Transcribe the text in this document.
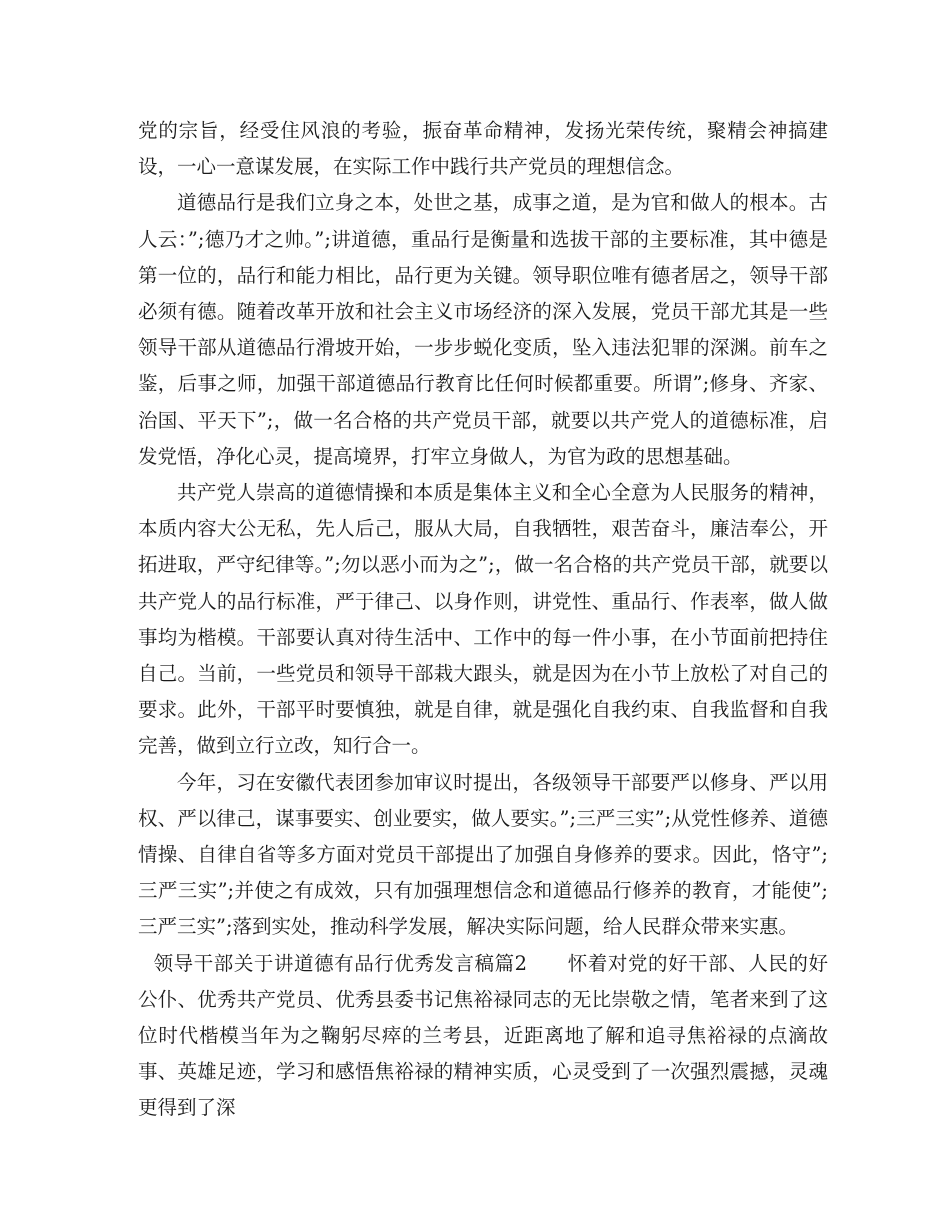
党的宗旨，经受住风浪的考验，振奋革命精神，发扬光荣传统，聚精会神搞建设，一心一意谋发展，在实际工作中践行共产党员的理想信念。

道德品行是我们立身之本，处世之基，成事之道，是为官和做人的根本。古人云：”;德乃才之帅。”;讲道德，重品行是衡量和选拔干部的主要标准，其中德是第一位的，品行和能力相比，品行更为关键。领导职位唯有德者居之，领导干部必须有德。随着改革开放和社会主义市场经济的深入发展，党员干部尤其是一些领导干部从道德品行滑坡开始，一步步蜕化变质，坠入违法犯罪的深渊。前车之鉴，后事之师，加强干部道德品行教育比任何时候都重要。所谓”;修身、齐家、治国、平天下”;，做一名合格的共产党员干部，就要以共产党人的道德标准，启发党悟，净化心灵，提高境界，打牢立身做人，为官为政的思想基础。

共产党人崇高的道德情操和本质是集体主义和全心全意为人民服务的精神，本质内容大公无私，先人后己，服从大局，自我牺牲，艰苦奋斗，廉洁奉公，开拓进取，严守纪律等。”;勿以恶小而为之”;，做一名合格的共产党员干部，就要以共产党人的品行标准，严于律己、以身作则，讲党性、重品行、作表率，做人做事均为楷模。干部要认真对待生活中、工作中的每一件小事，在小节面前把持住自己。当前，一些党员和领导干部栽大跟头，就是因为在小节上放松了对自己的要求。此外，干部平时要慎独，就是自律，就是强化自我约束、自我监督和自我完善，做到立行立改，知行合一。

今年，习在安徽代表团参加审议时提出，各级领导干部要严以修身、严以用权、严以律己，谋事要实、创业要实，做人要实。”;三严三实”;从党性修养、道德情操、自律自省等多方面对党员干部提出了加强自身修养的要求。因此，恪守”;三严三实”;并使之有成效，只有加强理想信念和道德品行修养的教育，才能使”;三严三实”;落到实处，推动科学发展，解决实际问题，给人民群众带来实惠。

领导干部关于讲道德有品行优秀发言稿篇2　　怀着对党的好干部、人民的好公仆、优秀共产党员、优秀县委书记焦裕禄同志的无比崇敬之情，笔者来到了这位时代楷模当年为之鞠躬尽瘁的兰考县，近距离地了解和追寻焦裕禄的点滴故事、英雄足迹，学习和感悟焦裕禄的精神实质，心灵受到了一次强烈震撼，灵魂更得到了深
